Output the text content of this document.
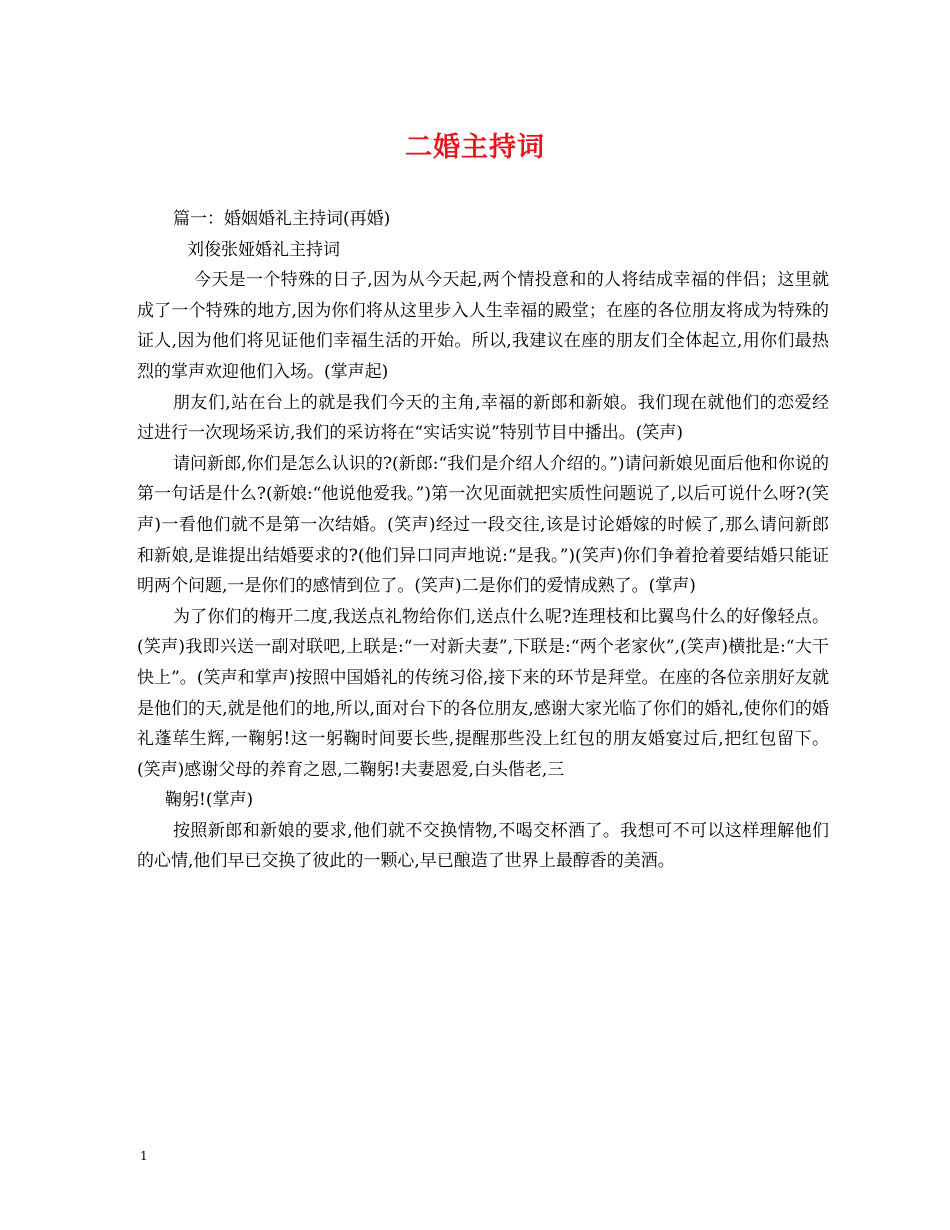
二婚主持词

篇一：婚姻婚礼主持词(再婚)

刘俊张娅婚礼主持词

今天是一个特殊的日子,因为从今天起,两个情投意和的人将结成幸福的伴侣；这里就成了一个特殊的地方,因为你们将从这里步入人生幸福的殿堂；在座的各位朋友将成为特殊的证人,因为他们将见证他们幸福生活的开始。所以,我建议在座的朋友们全体起立,用你们最热烈的掌声欢迎他们入场。(掌声起)

朋友们,站在台上的就是我们今天的主角,幸福的新郎和新娘。我们现在就他们的恋爱经过进行一次现场采访,我们的采访将在“实话实说”特别节目中播出。(笑声)

请问新郎,你们是怎么认识的?(新郎:“我们是介绍人介绍的。”)请问新娘见面后他和你说的第一句话是什么?(新娘:“他说他爱我。”)第一次见面就把实质性问题说了,以后可说什么呀?(笑声)一看他们就不是第一次结婚。(笑声)经过一段交往,该是讨论婚嫁的时候了,那么请问新郎和新娘,是谁提出结婚要求的?(他们异口同声地说:“是我。”)(笑声)你们争着抢着要结婚只能证明两个问题,一是你们的感情到位了。(笑声)二是你们的爱情成熟了。(掌声)

为了你们的梅开二度,我送点礼物给你们,送点什么呢?连理枝和比翼鸟什么的好像轻点。(笑声)我即兴送一副对联吧,上联是:“一对新夫妻”,下联是:“两个老家伙”,(笑声)横批是:“大干快上”。(笑声和掌声)按照中国婚礼的传统习俗,接下来的环节是拜堂。在座的各位亲朋好友就是他们的天,就是他们的地,所以,面对台下的各位朋友,感谢大家光临了你们的婚礼,使你们的婚礼蓬荜生辉,一鞠躬!这一躬鞠时间要长些,提醒那些没上红包的朋友婚宴过后,把红包留下。(笑声)感谢父母的养育之恩,二鞠躬!夫妻恩爱,白头偕老,三

鞠躬!(掌声)

按照新郎和新娘的要求,他们就不交换情物,不喝交杯酒了。我想可不可以这样理解他们的心情,他们早已交换了彼此的一颗心,早已酿造了世界上最醇香的美酒。

1
